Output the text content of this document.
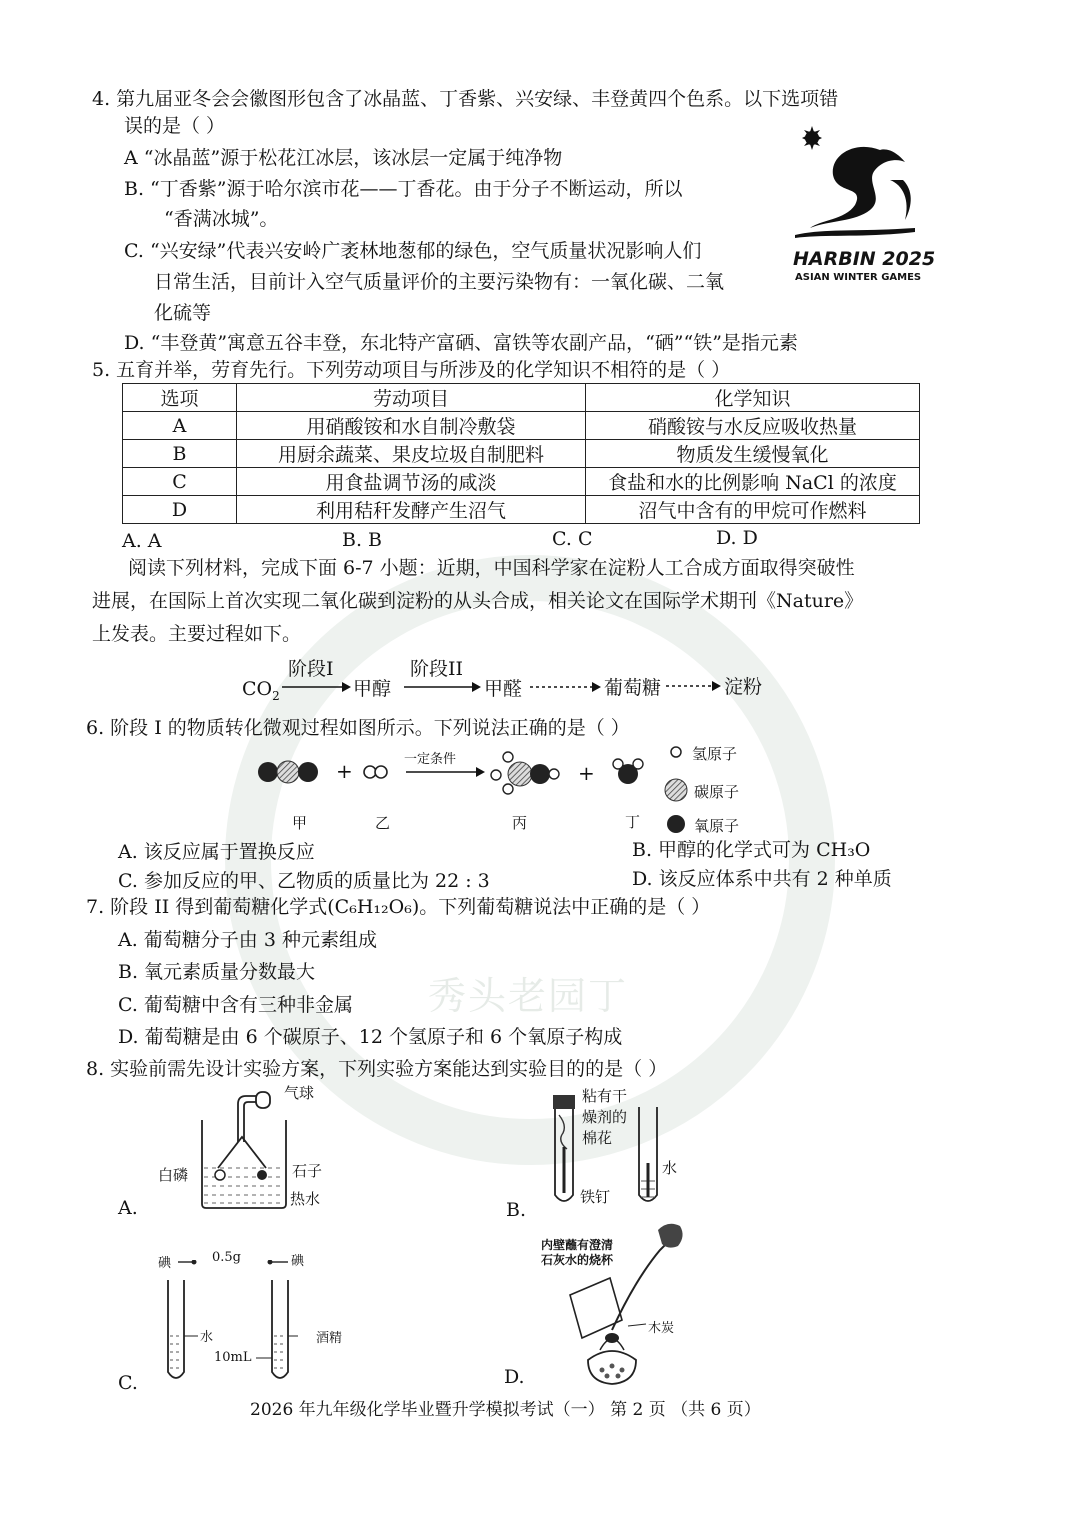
秀头老园丁
4. 第九届亚冬会会徽图形包含了冰晶蓝、丁香紫、兴安绿、丰登黄四个色系。以下选项错
误的是（ ）
A “冰晶蓝”源于松花江冰层，该冰层一定属于纯净物
B. “丁香紫”源于哈尔滨市花——丁香花。由于分子不断运动，所以
“香满冰城”。
C. “兴安绿”代表兴安岭广袤林地葱郁的绿色，空气质量状况影响人们
日常生活，目前计入空气质量评价的主要污染物有：一氧化碳、二氧
化硫等
D. “丰登黄”寓意五谷丰登，东北特产富硒、富铁等农副产品，“硒”“铁”是指元素
HARBIN 2025
ASIAN WINTER GAMES
5. 五育并举，劳育先行。下列劳动项目与所涉及的化学知识不相符的是（ ）
选项	劳动项目	化学知识
A	用硝酸铵和水自制冷敷袋	硝酸铵与水反应吸收热量
B	用厨余蔬菜、果皮垃圾自制肥料	物质发生缓慢氧化
C	用食盐调节汤的咸淡	食盐和水的比例影响 NaCl 的浓度
D	利用秸秆发酵产生沼气	沼气中含有的甲烷可作燃料
A. A	B. B	C. C	D. D
阅读下列材料，完成下面 6-7 小题：近期，中国科学家在淀粉人工合成方面取得突破性
进展，在国际上首次实现二氧化碳到淀粉的从头合成，相关论文在国际学术期刊《Nature》
上发表。主要过程如下。
$CO_2$
阶段I
甲醇
阶段II
甲醛	葡萄糖	淀粉
6. 阶段 I 的物质转化微观过程如图所示。下列说法正确的是（ ）
+	+
一定条件
甲	乙	丙	丁
氢原子
碳原子
氧原子
A. 该反应属于置换反应	B. 甲醇的化学式可为 CH₃O
C. 参加反应的甲、乙物质的质量比为 22 : 3	D. 该反应体系中共有 2 种单质
7. 阶段 II 得到葡萄糖化学式(C₆H₁₂O₆)。下列葡萄糖说法中正确的是（ ）
A. 葡萄糖分子由 3 种元素组成
B. 氧元素质量分数最大
C. 葡萄糖中含有三种非金属
D. 葡萄糖是由 6 个碳原子、12 个氢原子和 6 个氧原子构成
8. 实验前需先设计实验方案，下列实验方案能达到实验目的的是（ ）
气球
白磷	石子
热水
A.
粘有干
燥剂的
棉花
水
铁钉
B.
碘	0.5g	碘
水
10mL
酒精
C.
内壁蘸有澄清
石灰水的烧杯
木炭
D.
2026 年九年级化学毕业暨升学模拟考试（一） 第 2 页 （共 6 页）
